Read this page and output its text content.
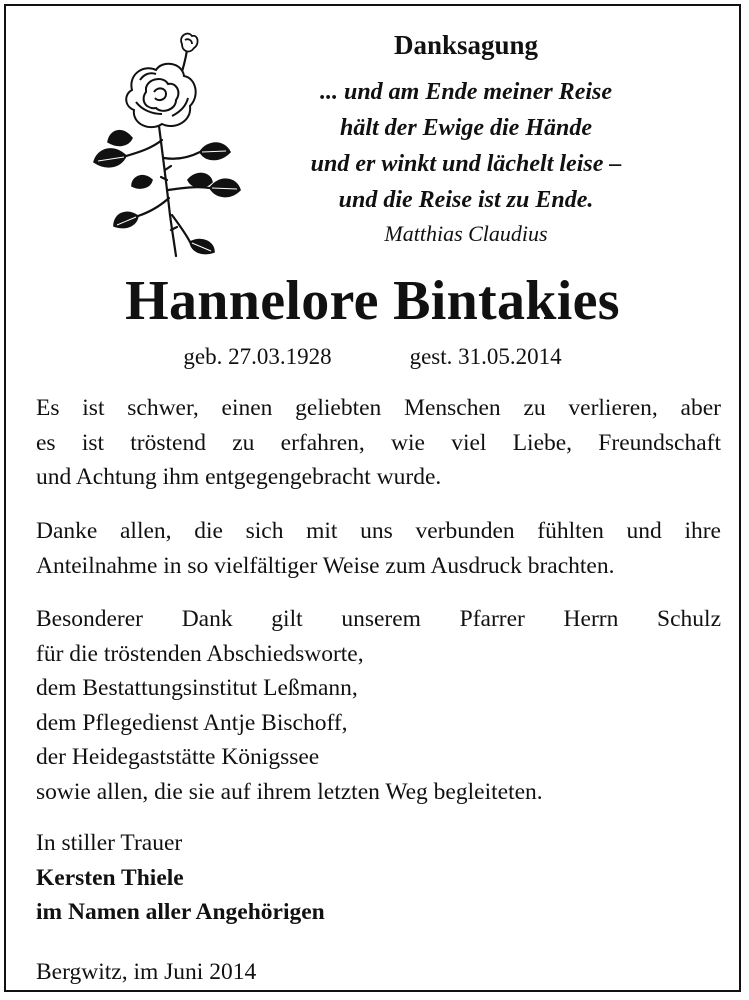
Danksagung
... und am Ende meiner Reise
hält der Ewige die Hände
und er winkt und lächelt leise –
und die Reise ist zu Ende.
Matthias Claudius
Hannelore Bintakies
geb. 27.03.1928	gest. 31.05.2014
Es ist schwer, einen geliebten Menschen zu verlieren, aber
es ist tröstend zu erfahren, wie viel Liebe, Freundschaft
und Achtung ihm entgegengebracht wurde.
Danke allen, die sich mit uns verbunden fühlten und ihre
Anteilnahme in so vielfältiger Weise zum Ausdruck brachten.
Besonderer Dank gilt unserem Pfarrer Herrn Schulz
für die tröstenden Abschiedsworte,
dem Bestattungsinstitut Leßmann,
dem Pflegedienst Antje Bischoff,
der Heidegaststätte Königssee
sowie allen, die sie auf ihrem letzten Weg begleiteten.
In stiller Trauer
Kersten Thiele
im Namen aller Angehörigen
Bergwitz, im Juni 2014
